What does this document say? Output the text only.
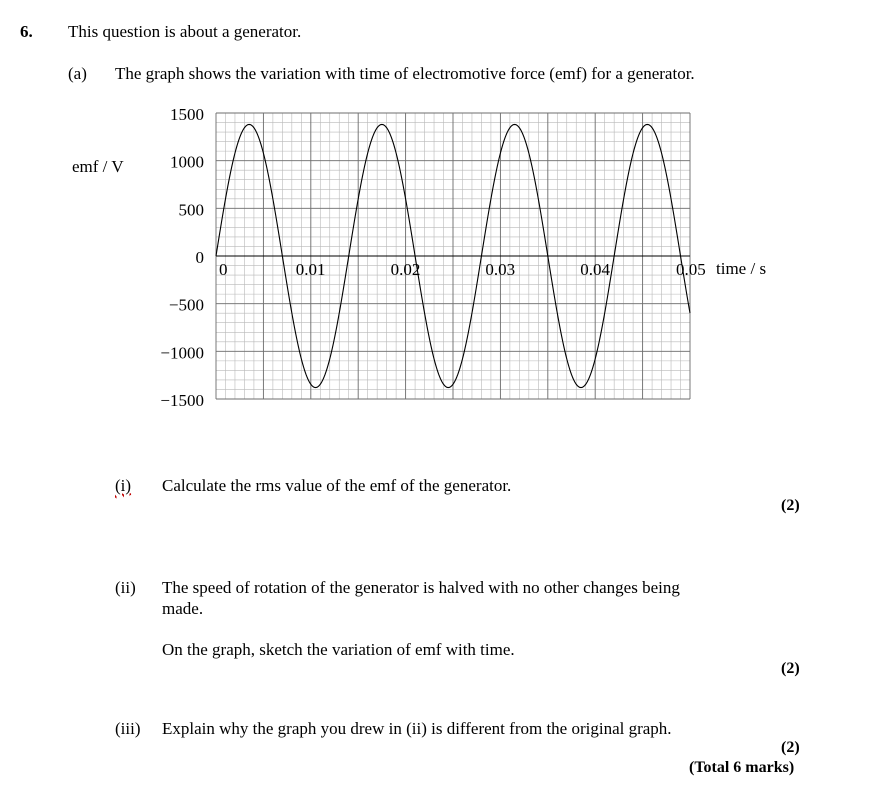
6. This question is about a generator.
(a) The graph shows the variation with time of electromotive force (emf) for a generator.
1500
1000
500
0
−500
−1000
−1500
0	0.01	0.02	0.03	0.04	0.05
emf / V
time / s
(i) Calculate the rms value of the emf of the generator.
(2)
(ii) The speed of rotation of the generator is halved with no other changes being
made.
On the graph, sketch the variation of emf with time.
(2)
(iii) Explain why the graph you drew in (ii) is different from the original graph.
(2)
(Total 6 marks)
